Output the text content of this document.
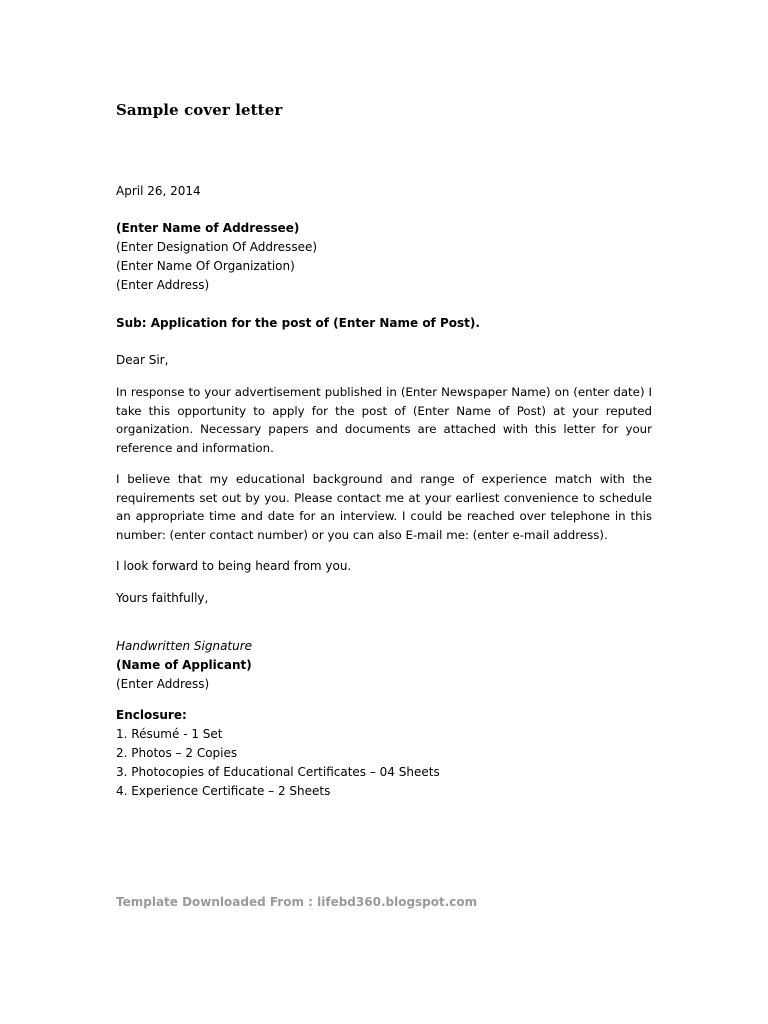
Sample cover letter
April 26, 2014
(Enter Name of Addressee)
(Enter Designation Of Addressee)
(Enter Name Of Organization)
(Enter Address)
Sub: Application for the post of (Enter Name of Post).
Dear Sir,

In response to your advertisement published in (Enter Newspaper Name) on (enter date) I take this opportunity to apply for the post of (Enter Name of Post) at your reputed organization. Necessary papers and documents are attached with this letter for your reference and information.

I believe that my educational background and range of experience match with the requirements set out by you. Please contact me at your earliest convenience to schedule an appropriate time and date for an interview. I could be reached over telephone in this number: (enter contact number) or you can also E-mail me: (enter e-mail address).

I look forward to being heard from you.
Yours faithfully,
Handwritten Signature
(Name of Applicant)
(Enter Address)
Enclosure:
1. Résumé - 1 Set
2. Photos – 2 Copies
3. Photocopies of Educational Certificates – 04 Sheets
4. Experience Certificate – 2 Sheets
Template Downloaded From : lifebd360.blogspot.com
